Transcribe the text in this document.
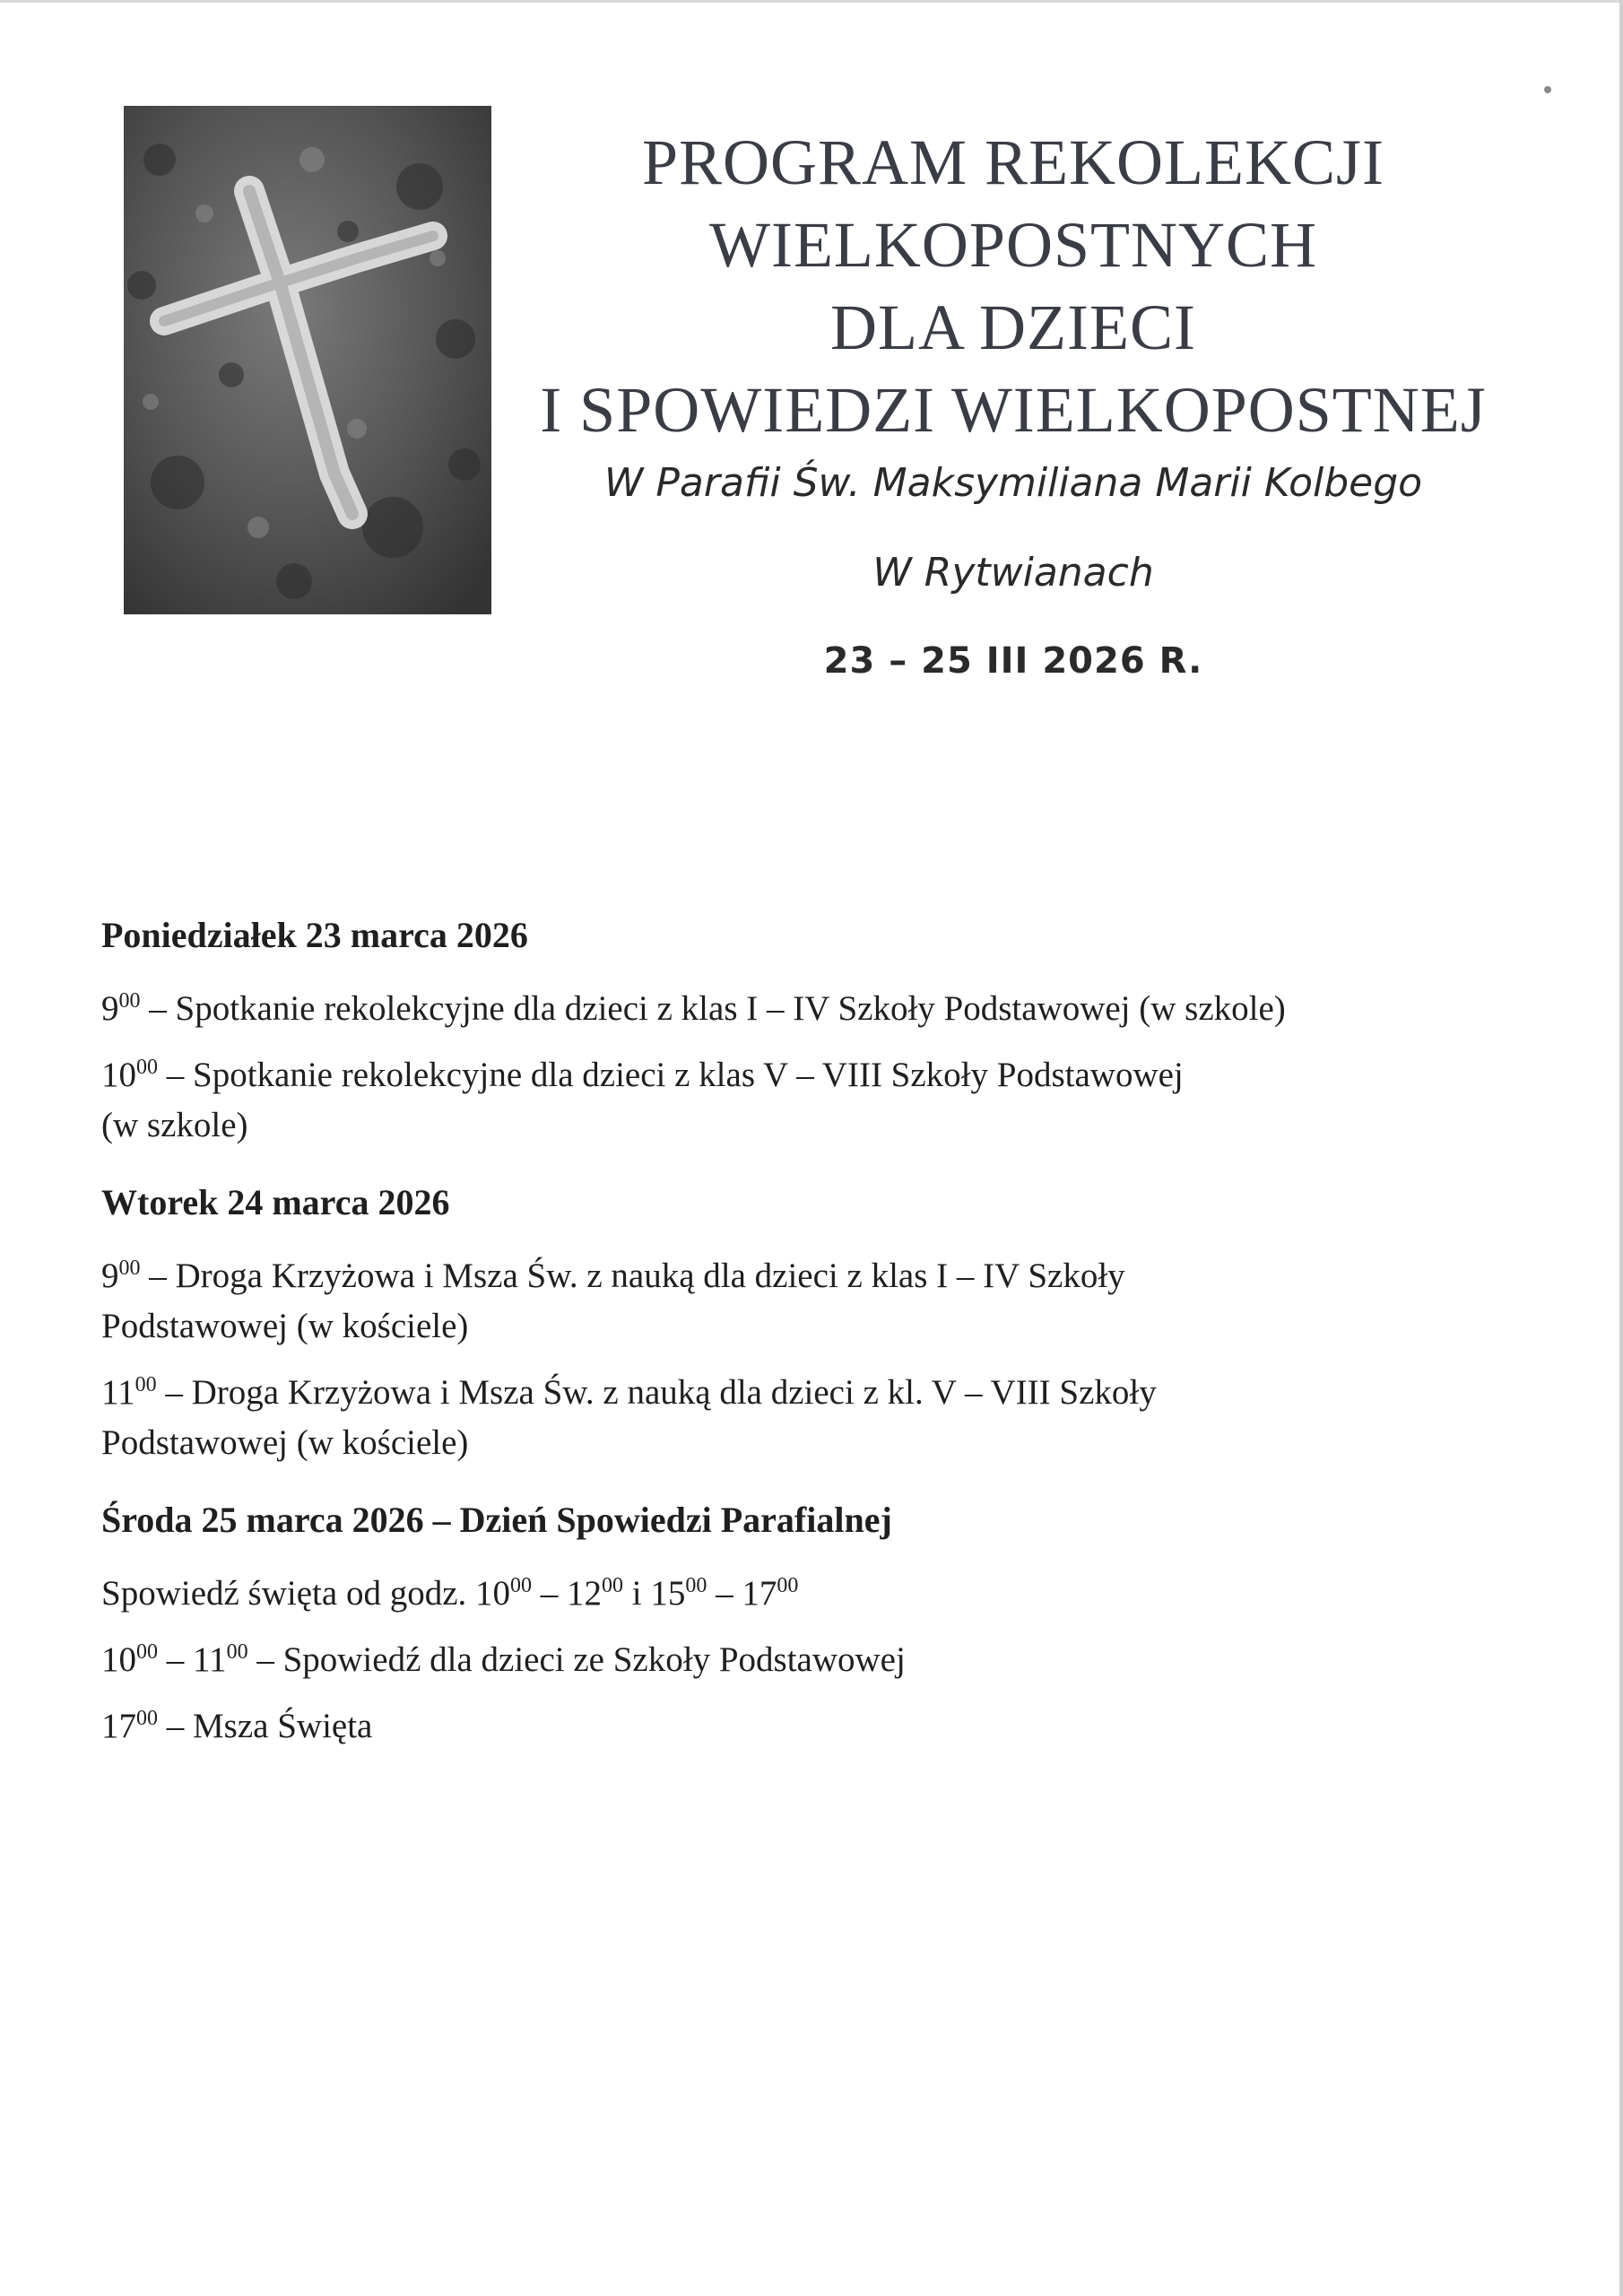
PROGRAM REKOLEKCJI
WIELKOPOSTNYCH
DLA DZIECI
I SPOWIEDZI WIELKOPOSTNEJ
W Parafii Św. Maksymiliana Marii Kolbego
W Rytwianach
23 – 25 III 2026 R.

Poniedziałek 23 marca 2026

$9^{00}$ – Spotkanie rekolekcyjne dla dzieci z klas I – IV Szkoły Podstawowej (w szkole)

$10^{00}$ – Spotkanie rekolekcyjne dla dzieci z klas V – VIII Szkoły Podstawowej

(w szkole)

Wtorek 24 marca 2026

$9^{00}$ – Droga Krzyżowa i Msza Św. z nauką dla dzieci z klas I – IV Szkoły

Podstawowej (w kościele)

$11^{00}$ – Droga Krzyżowa i Msza Św. z nauką dla dzieci z kl. V – VIII Szkoły

Podstawowej (w kościele)

Środa 25 marca 2026 – Dzień Spowiedzi Parafialnej

Spowiedź święta od godz. $10^{00} - 12^{00}$ i $15^{00} - 17^{00}$

$10^{00} - 11^{00}$ – Spowiedź dla dzieci ze Szkoły Podstawowej

$17^{00}$ – Msza Święta
